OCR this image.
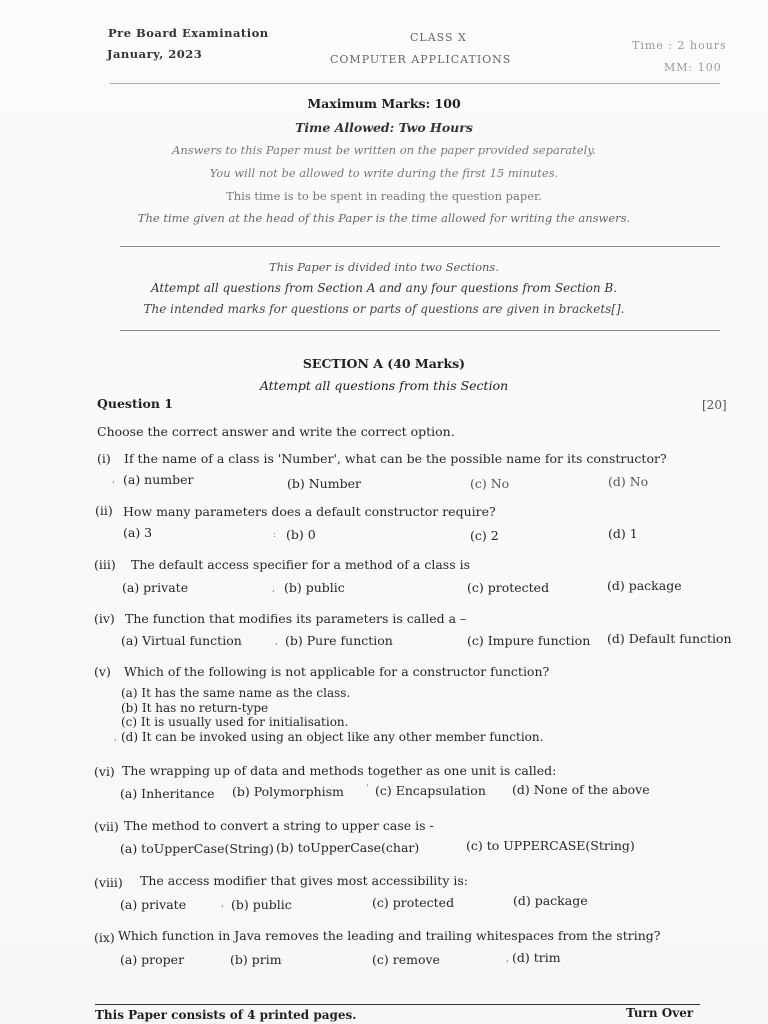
Pre Board Examination
January, 2023
CLASS X
COMPUTER APPLICATIONS
Time : 2 hours
MM: 100
Maximum Marks: 100
Time Allowed: Two Hours
Answers to this Paper must be written on the paper provided separately.
You will not be allowed to write during the first 15 minutes.
This time is to be spent in reading the question paper.
The time given at the head of this Paper is the time allowed for writing the answers.
This Paper is divided into two Sections.
Attempt all questions from Section A and any four questions from Section B.
The intended marks for questions or parts of questions are given in brackets[].
SECTION A (40 Marks)
Attempt all questions from this Section
Question 1	[20]
Choose the correct answer and write the correct option.
(i) If the name of a class is 'Number', what can be the possible name for its constructor?
, (a) number	(b) Number	(c) No	(d) No
(ii) How many parameters does a default constructor require?
(a) 3	: (b) 0	(c) 2	(d) 1
(iii) The default access specifier for a method of a class is
(a) private	, (b) public	(c) protected	(d) package
(iv) The function that modifies its parameters is called a –
(a) Virtual function	, (b) Pure function	(c) Impure function (d) Default function
(v) Which of the following is not applicable for a constructor function?
(a) It has the same name as the class.
(b) It has no return-type
(c) It is usually used for initialisation.
, (d) It can be invoked using an object like any other member function.
(vi) The wrapping up of data and methods together as one unit is called:
(a) Inheritance (b) Polymorphism ' (c) Encapsulation (d) None of the above
(vii) The method to convert a string to upper case is -
(a) toUpperCase(String) (b) toUpperCase(char)	(c) to UPPERCASE(String)
(viii) The access modifier that gives most accessibility is:
(a) private	, (b) public	(c) protected	(d) package
(ix) Which function in Java removes the leading and trailing whitespaces from the string?
(a) proper	(b) prim	(c) remove	, (d) trim
This Paper consists of 4 printed pages.	Turn Over
